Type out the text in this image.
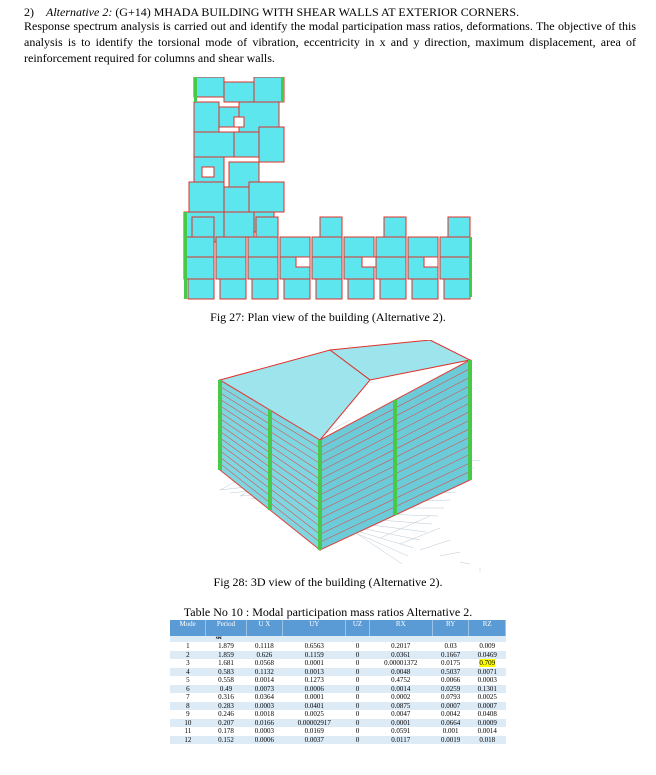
2) Alternative 2: (G+14) MHADA BUILDING WITH SHEAR WALLS AT EXTERIOR CORNERS.
Response spectrum analysis is carried out and identify the modal participation mass ratios, deformations. The objective of this analysis is to identify the torsional mode of vibration, eccentricity in x and y direction, maximum displacement, area of reinforcement required for columns and shear walls.
Fig 27: Plan view of the building (Alternative 2).
Fig 28: 3D view of the building (Alternative 2).
Table No 10 : Modal participation mass ratios Alternative 2.
Mode	Period	U X	UY	UZ	RX	RY	RZ
	sec						
1	1.879	0.1118	0.6563	0	0.2017	0.03	0.009
2	1.859	0.626	0.1159	0	0.0361	0.1667	0.0469
3	1.681	0.0568	0.0001	0	0.00001372	0.0175	0.709
4	0.583	0.1132	0.0013	0	0.0048	0.5037	0.0071
5	0.558	0.0014	0.1273	0	0.4752	0.0066	0.0003
6	0.49	0.0073	0.0006	0	0.0014	0.0259	0.1301
7	0.316	0.0364	0.0001	0	0.0002	0.0793	0.0025
8	0.283	0.0003	0.0401	0	0.0875	0.0007	0.0007
9	0.246	0.0018	0.0025	0	0.0047	0.0042	0.0408
10	0.207	0.0166	0.00002917	0	0.0001	0.0664	0.0009
11	0.178	0.0003	0.0169	0	0.0591	0.001	0.0014
12	0.152	0.0006	0.0037	0	0.0117	0.0019	0.018
